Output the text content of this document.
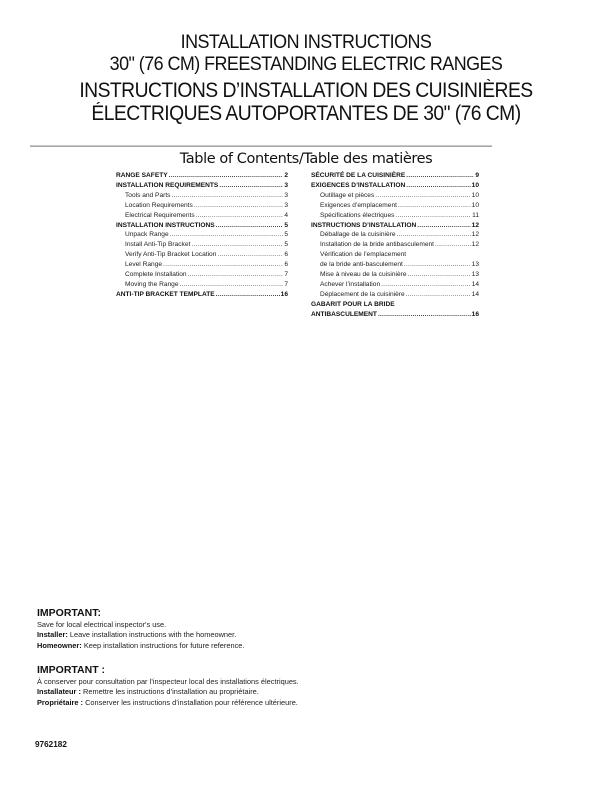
INSTALLATION INSTRUCTIONS
30" (76 CM) FREESTANDING ELECTRIC RANGES
INSTRUCTIONS D’INSTALLATION DES CUISINIÈRES
ÉLECTRIQUES AUTOPORTANTES DE 30" (76 CM)
Table of Contents/Table des matières
RANGE SAFETY .....	2
INSTALLATION REQUIREMENTS .....	3
Tools and Parts .....	3
Location Requirements .....	3
Electrical Requirements .....	4
INSTALLATION INSTRUCTIONS .....	5
Unpack Range .....	5
Install Anti-Tip Bracket .....	5
Verify Anti-Tip Bracket Location .....	6
Level Range .....	6
Complete Installation .....	7
Moving the Range .....	7
ANTI-TIP BRACKET TEMPLATE .....	16
SÉCURITÉ DE LA CUISINIÈRE .....	9
EXIGENCES D’INSTALLATION .....	10
Outillage et pièces .....	10
Exigences d’emplacement .....	10
Spécifications électriques .....	11
INSTRUCTIONS D’INSTALLATION .....	12
Déballage de la cuisinière .....	12
Installation de la bride antibasculement .....	12
Vérification de l’emplacement
de la bride anti-basculement .....	13
Mise à niveau de la cuisinière .....	13
Achever l’installation .....	14
Déplacement de la cuisinière .....	14
GABARIT POUR LA BRIDE
ANTIBASCULEMENT .....	16
IMPORTANT:
Save for local electrical inspector's use.
Installer: Leave installation instructions with the homeowner.
Homeowner: Keep installation instructions for future reference.
IMPORTANT :
À conserver pour consultation par l’inspecteur local des installations électriques.
Installateur : Remettre les instructions d’installation au propriétaire.
Propriétaire : Conserver les instructions d’installation pour référence ultérieure.
9762182
